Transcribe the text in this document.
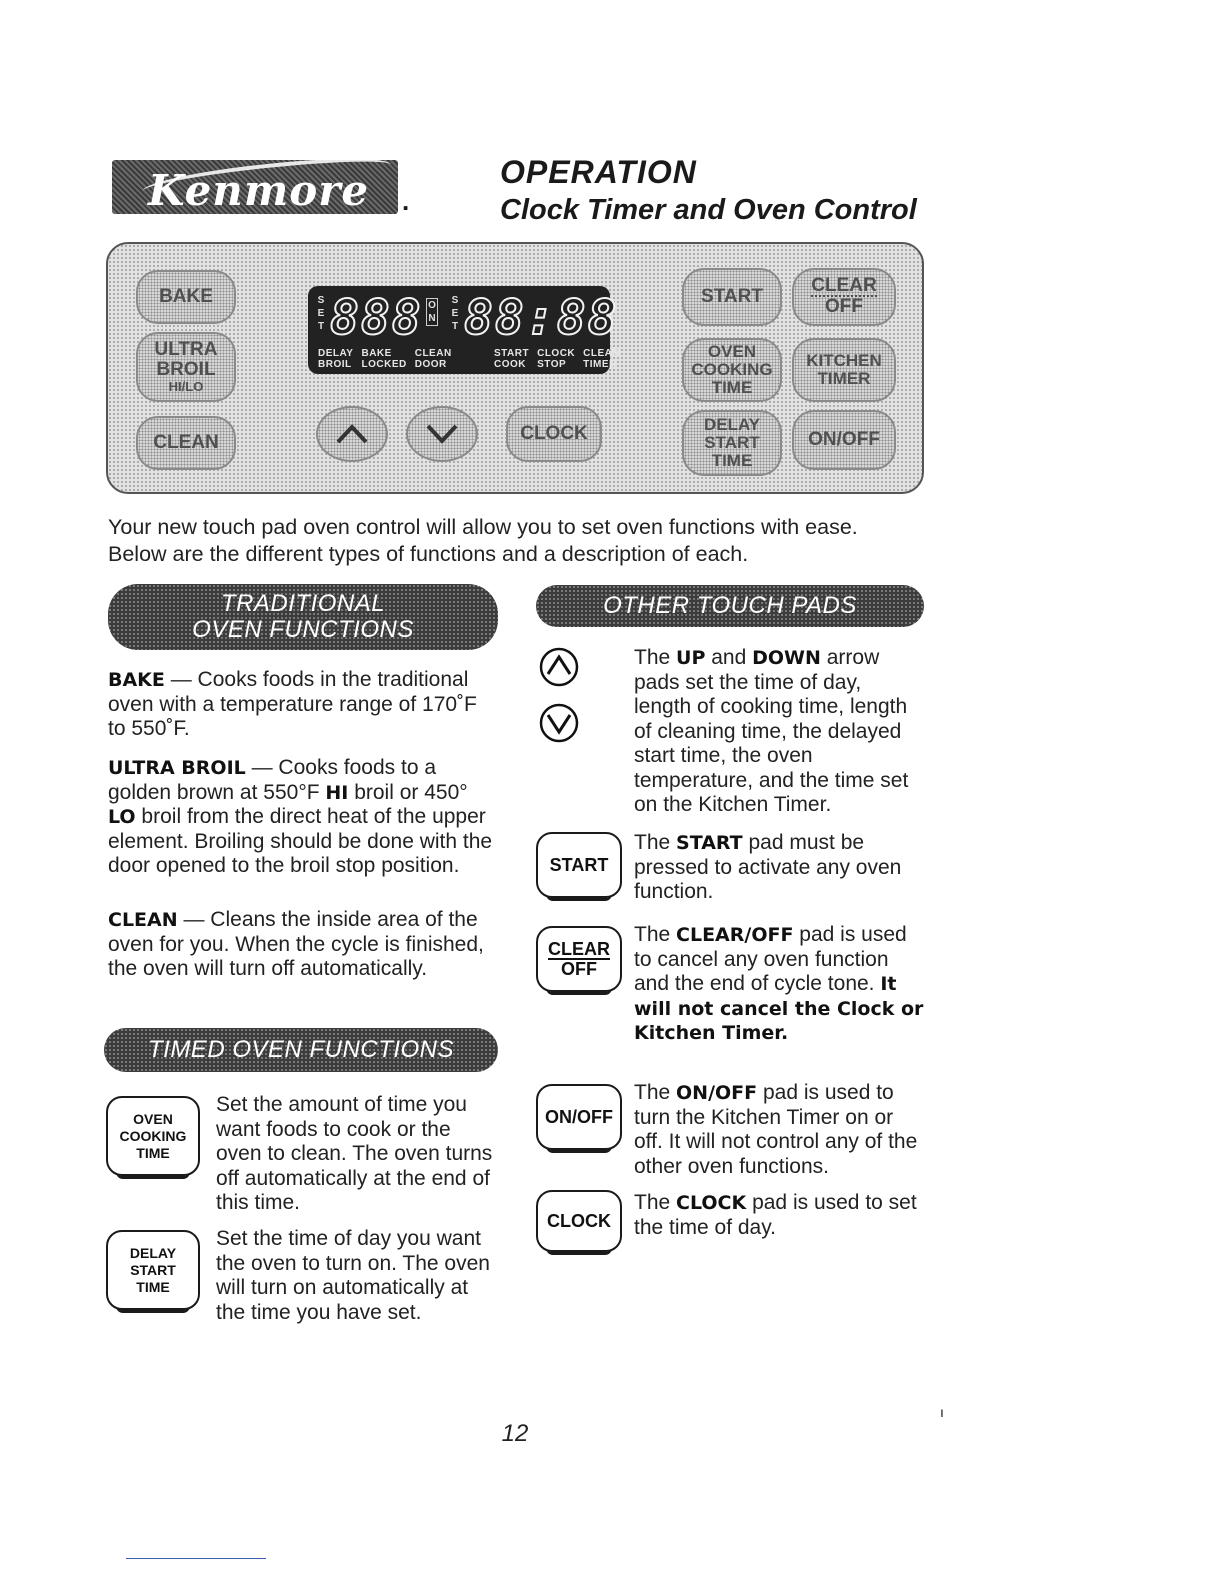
Kenmore .
OPERATION
Clock Timer and Oven Control
BAKE
ULTRA
BROIL
HI/LO
CLEAN
S
E
T 888 O
N
S
E
T 88:88
DELAY
BROIL
BAKE
LOCKED
CLEAN
DOOR
START
COOK
CLOCK
STOP
CLEAN
TIMER
CLOCK
START
CLEAR
OFF
OVEN
COOKING
TIME
KITCHEN
TIMER
DELAY
START
TIME
ON/OFF
Your new touch pad oven control will allow you to set oven functions with ease.
Below are the different types of functions and a description of each.
TRADITIONAL
OVEN FUNCTIONS
BAKE — Cooks foods in the traditional oven with a temperature range of 170˚F to 550˚F.
ULTRA BROIL — Cooks foods to a golden brown at 550°F HI broil or 450° LO broil from the direct heat of the upper element. Broiling should be done with the door opened to the broil stop position.
CLEAN — Cleans the inside area of the oven for you. When the cycle is finished, the oven will turn off automatically.
TIMED OVEN FUNCTIONS
OVEN
COOKING
TIME
Set the amount of time you want foods to cook or the oven to clean. The oven turns off automatically at the end of this time.
DELAY
START
TIME
Set the time of day you want the oven to turn on. The oven will turn on automatically at the time you have set.
OTHER TOUCH PADS
The UP and DOWN arrow pads set the time of day, length of cooking time, length of cleaning time, the delayed start time, the oven temperature, and the time set on the Kitchen Timer.
START
The START pad must be pressed to activate any oven function.
CLEAR
OFF
The CLEAR/OFF pad is used to cancel any oven function and the end of cycle tone. It will not cancel the Clock or Kitchen Timer.
ON/OFF
The ON/OFF pad is used to turn the Kitchen Timer on or off. It will not control any of the other oven functions.
CLOCK
The CLOCK pad is used to set the time of day.
12
ı
